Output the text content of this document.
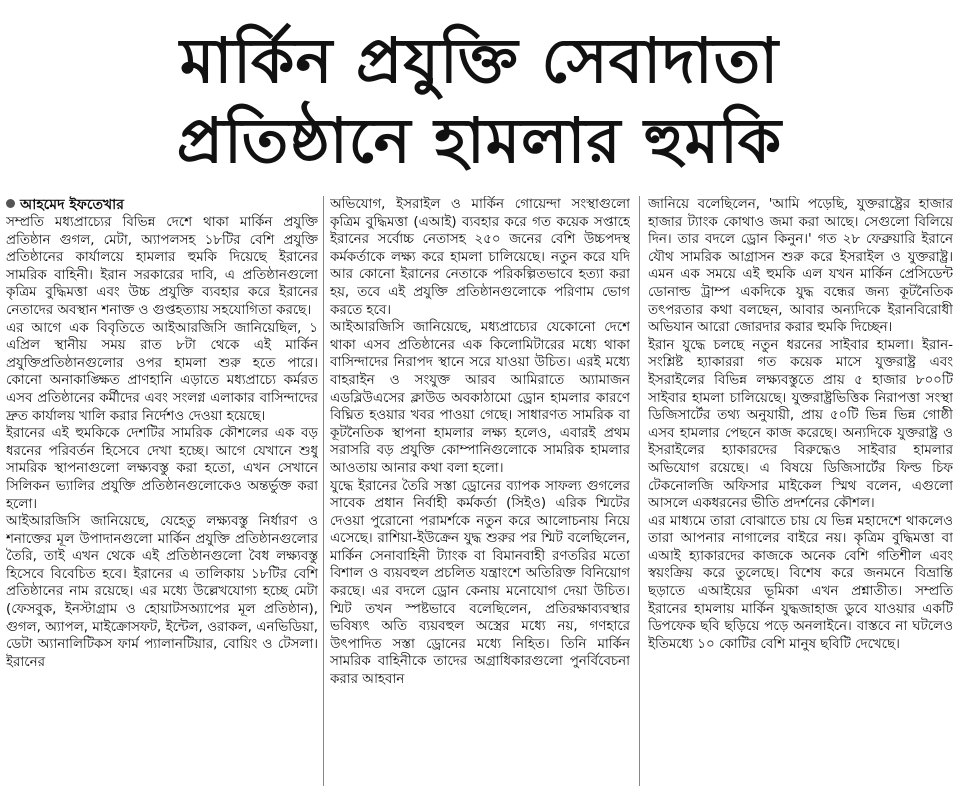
মার্কিন প্রযুক্তি সেবাদাতা
প্রতিষ্ঠানে হামলার হুমকি
আহমেদ ইফতেখার

সম্প্রতি মধ্যপ্রাচ্যের বিভিন্ন দেশে থাকা মার্কিন প্রযুক্তি প্রতিষ্ঠান গুগল, মেটা, অ্যাপলসহ ১৮টির বেশি প্রযুক্তি প্রতিষ্ঠানের কার্যালয়ে হামলার হুমকি দিয়েছে ইরানের সামরিক বাহিনী। ইরান সরকারের দাবি, এ প্রতিষ্ঠানগুলো কৃত্রিম বুদ্ধিমত্তা এবং উচ্চ প্রযুক্তি ব্যবহার করে ইরানের নেতাদের অবস্থান শনাক্ত ও গুপ্তহত্যায় সহযোগিতা করছে।

এর আগে এক বিবৃতিতে আইআরজিসি জানিয়েছিল, ১ এপ্রিল স্থানীয় সময় রাত ৮টা থেকে এই মার্কিন প্রযুক্তিপ্রতিষ্ঠানগুলোর ওপর হামলা শুরু হতে পারে। কোনো অনাকাঙ্ক্ষিত প্রাণহানি এড়াতে মধ্যপ্রাচ্যে কর্মরত এসব প্রতিষ্ঠানের কর্মীদের এবং সংলগ্ন এলাকার বাসিন্দাদের দ্রুত কার্যালয় খালি করার নির্দেশও দেওয়া হয়েছে।

ইরানের এই হুমকিকে দেশটির সামরিক কৌশলের এক বড় ধরনের পরিবর্তন হিসেবে দেখা হচ্ছে। আগে যেখানে শুধু সামরিক স্থাপনাগুলো লক্ষ্যবস্তু করা হতো, এখন সেখানে সিলিকন ভ্যালির প্রযুক্তি প্রতিষ্ঠানগুলোকেও অন্তর্ভুক্ত করা হলো।

আইআরজিসি জানিয়েছে, যেহেতু লক্ষ্যবস্তু নির্ধারণ ও শনাক্তের মূল উপাদানগুলো মার্কিন প্রযুক্তি প্রতিষ্ঠানগুলোর তৈরি, তাই এখন থেকে এই প্রতিষ্ঠানগুলো বৈধ লক্ষ্যবস্তু হিসেবে বিবেচিত হবে। ইরানের এ তালিকায় ১৮টির বেশি প্রতিষ্ঠানের নাম রয়েছে। এর মধ্যে উল্লেখযোগ্য হচ্ছে মেটা (ফেসবুক, ইনস্টাগ্রাম ও হোয়াটসঅ্যাপের মূল প্রতিষ্ঠান), গুগল, অ্যাপল, মাইক্রোসফট, ইন্টেল, ওরাকল, এনভিডিয়া, ডেটা অ্যানালিটিকস ফার্ম প্যালানটিয়ার, বোয়িং ও টেসলা। ইরানের

অভিযোগ, ইসরাইল ও মার্কিন গোয়েন্দা সংস্থাগুলো কৃত্রিম বুদ্ধিমত্তা (এআই) ব্যবহার করে গত কয়েক সপ্তাহে ইরানের সর্বোচ্চ নেতাসহ ২৫০ জনের বেশি উচ্চপদস্থ কর্মকর্তাকে লক্ষ্য করে হামলা চালিয়েছে। নতুন করে যদি আর কোনো ইরানের নেতাকে পরিকল্পিতভাবে হত্যা করা হয়, তবে এই প্রযুক্তি প্রতিষ্ঠানগুলোকে পরিণাম ভোগ করতে হবে।

আইআরজিসি জানিয়েছে, মধ্যপ্রাচ্যের যেকোনো দেশে থাকা এসব প্রতিষ্ঠানের এক কিলোমিটারের মধ্যে থাকা বাসিন্দাদের নিরাপদ স্থানে সরে যাওয়া উচিত। এরই মধ্যে বাহরাইন ও সংযুক্ত আরব আমিরাতে অ্যামাজন এডব্লিউএসের ক্লাউড অবকাঠামো ড্রোন হামলার কারণে বিঘ্নিত হওয়ার খবর পাওয়া গেছে। সাধারণত সামরিক বা কূটনৈতিক স্থাপনা হামলার লক্ষ্য হলেও, এবারই প্রথম সরাসরি বড় প্রযুক্তি কোম্পানিগুলোকে সামরিক হামলার আওতায় আনার কথা বলা হলো।

যুদ্ধে ইরানের তৈরি সস্তা ড্রোনের ব্যাপক সাফল্য গুগলের সাবেক প্রধান নির্বাহী কর্মকর্তা (সিইও) এরিক শ্মিটের দেওয়া পুরোনো পরামর্শকে নতুন করে আলোচনায় নিয়ে এসেছে। রাশিয়া-ইউক্রেন যুদ্ধ শুরুর পর শ্মিট বলেছিলেন, মার্কিন সেনাবাহিনী ট্যাংক বা বিমানবাহী রণতরির মতো বিশাল ও ব্যয়বহুল প্রচলিত যন্ত্রাংশে অতিরিক্ত বিনিয়োগ করছে। এর বদলে ড্রোন কেনায় মনোযোগ দেয়া উচিত। শ্মিট তখন স্পষ্টভাবে বলেছিলেন, প্রতিরক্ষাব্যবস্থার ভবিষ্যৎ অতি ব্যয়বহুল অস্ত্রের মধ্যে নয়, গণহারে উৎপাদিত সস্তা ড্রোনের মধ্যে নিহিত। তিনি মার্কিন সামরিক বাহিনীকে তাদের অগ্রাধিকারগুলো পুনর্বিবেচনা করার আহবান

জানিয়ে বলেছিলেন, 'আমি পড়েছি, যুক্তরাষ্ট্রের হাজার হাজার ট্যাংক কোথাও জমা করা আছে। সেগুলো বিলিয়ে দিন। তার বদলে ড্রোন কিনুন।' গত ২৮ ফেব্রুয়ারি ইরানে যৌথ সামরিক আগ্রাসন শুরু করে ইসরাইল ও যুক্তরাষ্ট্র। এমন এক সময়ে এই হুমকি এল যখন মার্কিন প্রেসিডেন্ট ডোনাল্ড ট্রাম্প একদিকে যুদ্ধ বন্ধের জন্য কূটনৈতিক তৎপরতার কথা বলছেন, আবার অন্যদিকে ইরানবিরোধী অভিযান আরো জোরদার করার হুমকি দিচ্ছেন।

ইরান যুদ্ধে চলছে নতুন ধরনের সাইবার হামলা। ইরান-সংশ্লিষ্ট হ্যাকাররা গত কয়েক মাসে যুক্তরাষ্ট্র এবং ইসরাইলের বিভিন্ন লক্ষ্যবস্তুতে প্রায় ৫ হাজার ৮০০টি সাইবার হামলা চালিয়েছে। যুক্তরাষ্ট্রভিত্তিক নিরাপত্তা সংস্থা ডিজিসার্টের তথ্য অনুযায়ী, প্রায় ৫০টি ভিন্ন ভিন্ন গোষ্ঠী এসব হামলার পেছনে কাজ করেছে। অন্যদিকে যুক্তরাষ্ট্র ও ইসরাইলের হ্যাকারদের বিরুদ্ধেও সাইবার হামলার অভিযোগ রয়েছে। এ বিষয়ে ডিজিসার্টের ফিল্ড চিফ টেকনোলজি অফিসার মাইকেল স্মিথ বলেন, এগুলো আসলে একধরনের ভীতি প্রদর্শনের কৌশল।

এর মাধ্যমে তারা বোঝাতে চায় যে ভিন্ন মহাদেশে থাকলেও তারা আপনার নাগালের বাইরে নয়। কৃত্রিম বুদ্ধিমত্তা বা এআই হ্যাকারদের কাজকে অনেক বেশি গতিশীল এবং স্বয়ংক্রিয় করে তুলেছে। বিশেষ করে জনমনে বিভ্রান্তি ছড়াতে এআইয়ের ভূমিকা এখন প্রশ্নাতীত। সম্প্রতি ইরানের হামলায় মার্কিন যুদ্ধজাহাজ ডুবে যাওয়ার একটি ডিপফেক ছবি ছড়িয়ে পড়ে অনলাইনে। বাস্তবে না ঘটলেও ইতিমধ্যে ১০ কোটির বেশি মানুষ ছবিটি দেখেছে।
